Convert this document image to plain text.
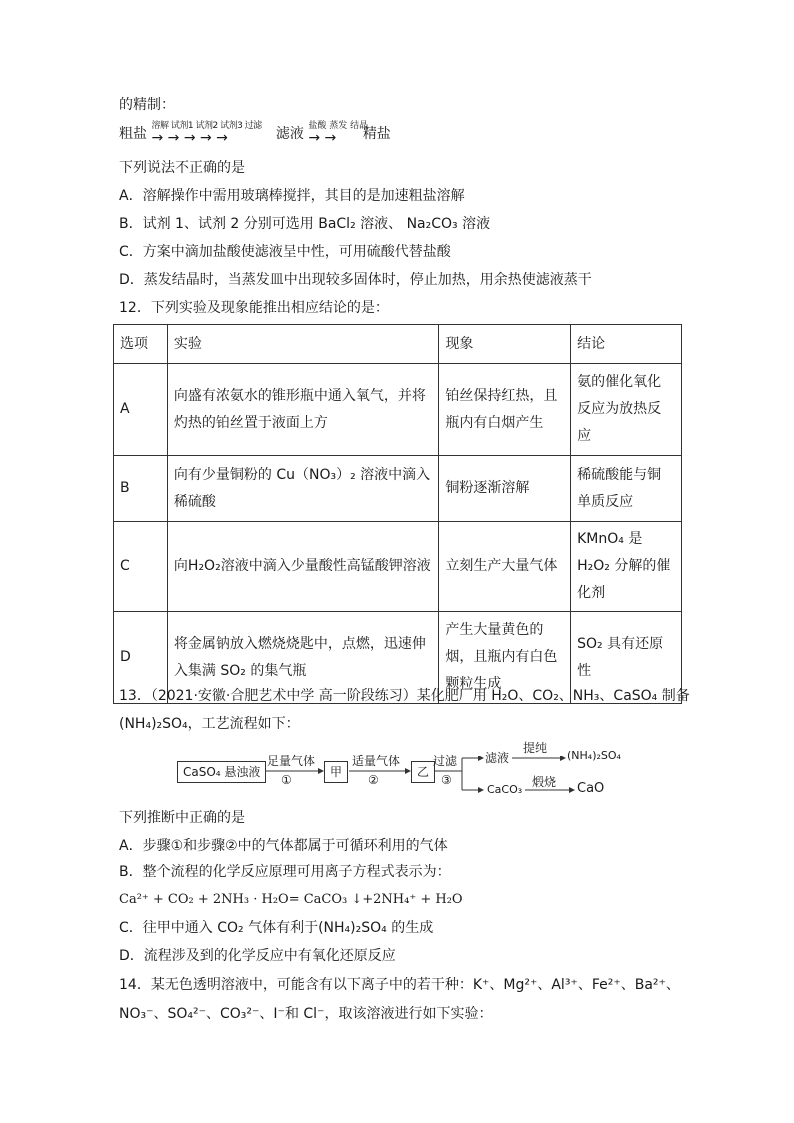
的精制：
粗盐 溶解 试剂1 试剂2 试剂3 过滤
→ → → → →	滤液 盐酸 蒸发 结晶
→ → 精盐
下列说法不正确的是
A．溶解操作中需用玻璃棒搅拌，其目的是加速粗盐溶解
B．试剂 1、试剂 2 分别可选用 BaCl₂ 溶液、 Na₂CO₃ 溶液
C．方案中滴加盐酸使滤液呈中性，可用硫酸代替盐酸
D．蒸发结晶时，当蒸发皿中出现较多固体时，停止加热，用余热使滤液蒸干
12．下列实验及现象能推出相应结论的是：
选项	实验	现象	结论
A	向盛有浓氨水的锥形瓶中通入氧气，并将灼热的铂丝置于液面上方	铂丝保持红热，且瓶内有白烟产生	氨的催化氧化反应为放热反应
B	向有少量铜粉的 Cu（NO₃）₂ 溶液中滴入稀硫酸	铜粉逐渐溶解	稀硫酸能与铜单质反应
C	向H₂O₂溶液中滴入少量酸性高锰酸钾溶液	立刻生产大量气体	KMnO₄ 是 H₂O₂ 分解的催化剂
D	将金属钠放入燃烧烧匙中，点燃，迅速伸入集满 SO₂ 的集气瓶	产生大量黄色的烟，且瓶内有白色颗粒生成	SO₂ 具有还原性
13．（2021·安徽·合肥艺术中学 高一阶段练习）某化肥厂用 H₂O、CO₂、NH₃、CaSO₄ 制备
(NH₄)₂SO₄，工艺流程如下：
CaSO₄ 悬浊液
足量气体
①
甲
适量气体
②
乙
过滤
③
滤液
提纯
(NH₄)₂SO₄
CaCO₃
煅烧 CaO
下列推断中正确的是
A．步骤①和步骤②中的气体都属于可循环利用的气体
B．整个流程的化学反应原理可用离子方程式表示为：
Ca²⁺ + CO₂ + 2NH₃ · H₂O= CaCO₃ ↓+2NH₄⁺ + H₂O
C．往甲中通入 CO₂ 气体有利于(NH₄)₂SO₄ 的生成
D．流程涉及到的化学反应中有氧化还原反应
14．某无色透明溶液中，可能含有以下离子中的若干种：K⁺、Mg²⁺、Al³⁺、Fe²⁺、Ba²⁺、
NO₃⁻、SO₄²⁻、CO₃²⁻、I⁻和 Cl⁻，取该溶液进行如下实验：
